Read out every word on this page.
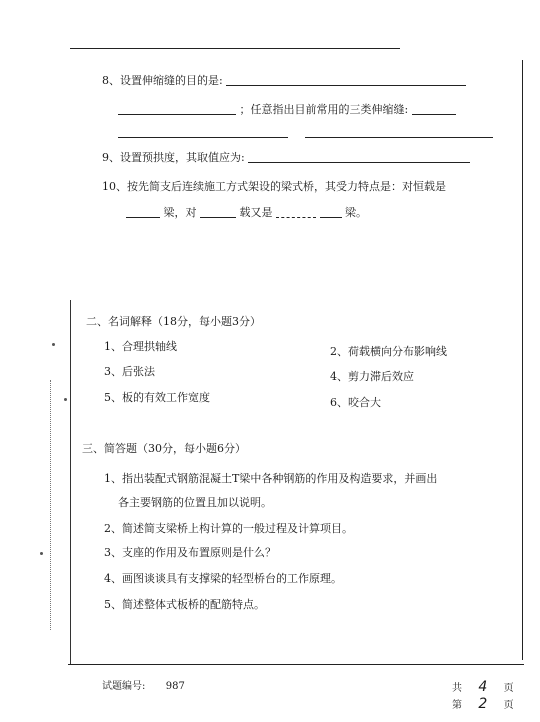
8、设置伸缩缝的目的是:
；任意指出目前常用的三类伸缩缝:

9、设置预拱度，其取值应为:
10、按先简支后连续施工方式架设的梁式桥，其受力特点是：对恒载是
梁，对	载又是	梁。
二、名词解释（18分，每小题3分）
1、合理拱轴线	2、荷载横向分布影响线
3、后张法	4、剪力滞后效应
5、板的有效工作宽度	6、咬合大
三、简答题（30分，每小题6分）
1、指出装配式钢筋混凝土T梁中各种钢筋的作用及构造要求，并画出
各主要钢筋的位置且加以说明。
2、简述简支梁桥上构计算的一般过程及计算项目。
3、支座的作用及布置原则是什么？
4、画图谈谈具有支撑梁的轻型桥台的工作原理。
5、简述整体式板桥的配筋特点。
试题编号: 987	共 4 页
第 2 页
